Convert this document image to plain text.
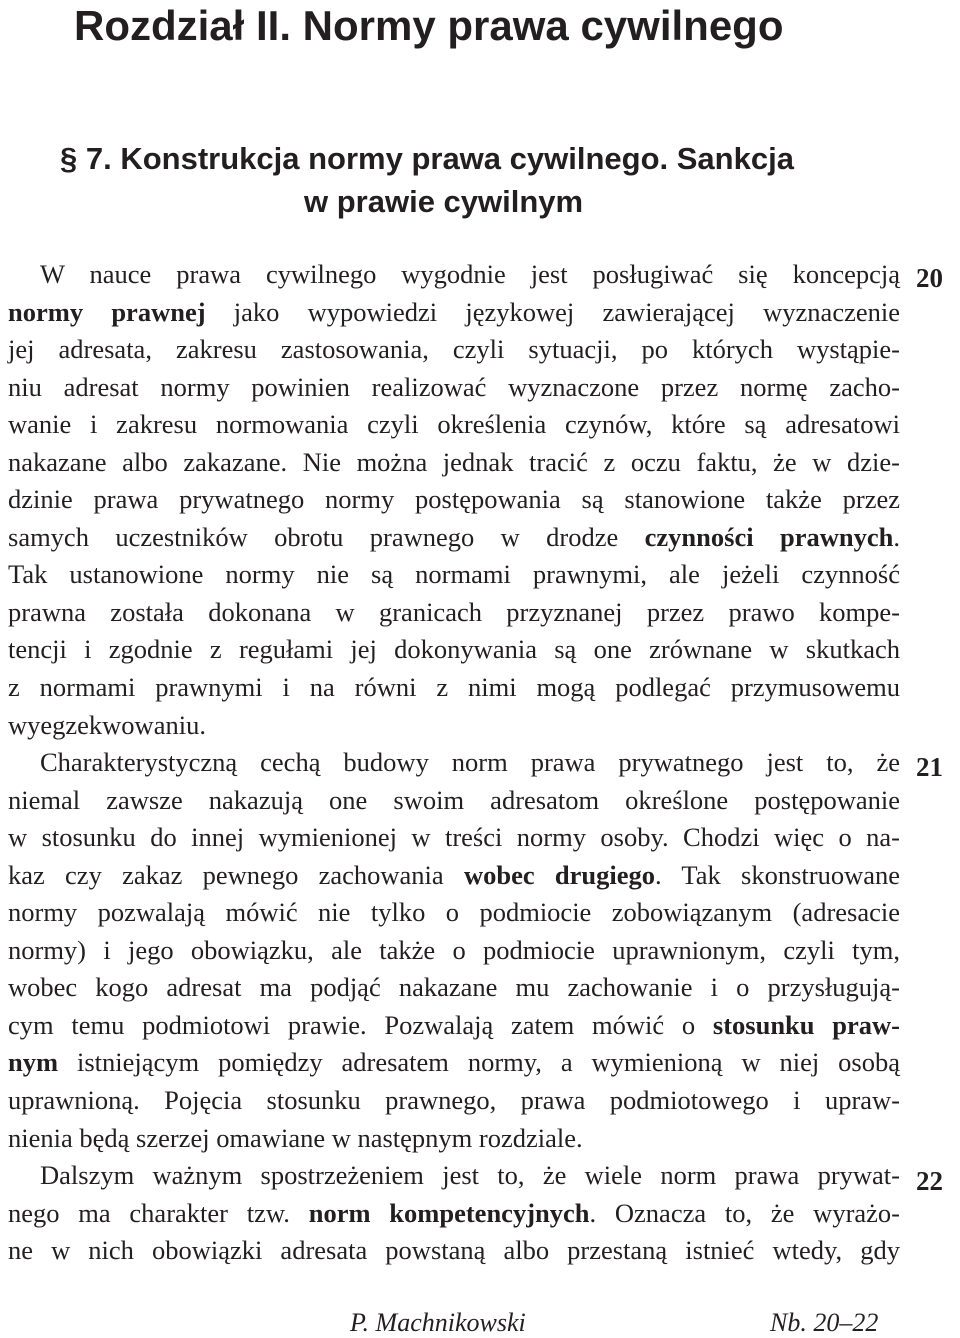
Rozdział II. Normy prawa cywilnego
§ 7. Konstrukcja normy prawa cywilnego. Sankcja
w prawie cywilnym
W nauce prawa cywilnego wygodnie jest posługiwać się koncepcją
normy prawnej jako wypowiedzi językowej zawierającej wyznaczenie
jej adresata, zakresu zastosowania, czyli sytuacji, po których wystąpie-
niu adresat normy powinien realizować wyznaczone przez normę zacho-
wanie i zakresu normowania czyli określenia czynów, które są adresatowi
nakazane albo zakazane. Nie można jednak tracić z oczu faktu, że w dzie-
dzinie prawa prywatnego normy postępowania są stanowione także przez
samych uczestników obrotu prawnego w drodze czynności prawnych.
Tak ustanowione normy nie są normami prawnymi, ale jeżeli czynność
prawna została dokonana w granicach przyznanej przez prawo kompe-
tencji i zgodnie z regułami jej dokonywania są one zrównane w skutkach
z normami prawnymi i na równi z nimi mogą podlegać przymusowemu
wyegzekwowaniu.
Charakterystyczną cechą budowy norm prawa prywatnego jest to, że
niemal zawsze nakazują one swoim adresatom określone postępowanie
w stosunku do innej wymienionej w treści normy osoby. Chodzi więc o na-
kaz czy zakaz pewnego zachowania wobec drugiego. Tak skonstruowane
normy pozwalają mówić nie tylko o podmiocie zobowiązanym (adresacie
normy) i jego obowiązku, ale także o podmiocie uprawnionym, czyli tym,
wobec kogo adresat ma podjąć nakazane mu zachowanie i o przysługują-
cym temu podmiotowi prawie. Pozwalają zatem mówić o stosunku praw-
nym istniejącym pomiędzy adresatem normy, a wymienioną w niej osobą
uprawnioną. Pojęcia stosunku prawnego, prawa podmiotowego i upraw-
nienia będą szerzej omawiane w następnym rozdziale.
Dalszym ważnym spostrzeżeniem jest to, że wiele norm prawa prywat-
nego ma charakter tzw. norm kompetencyjnych. Oznacza to, że wyrażo-
ne w nich obowiązki adresata powstaną albo przestaną istnieć wtedy, gdy
20
21
22
P. Machnikowski	Nb. 20–22
